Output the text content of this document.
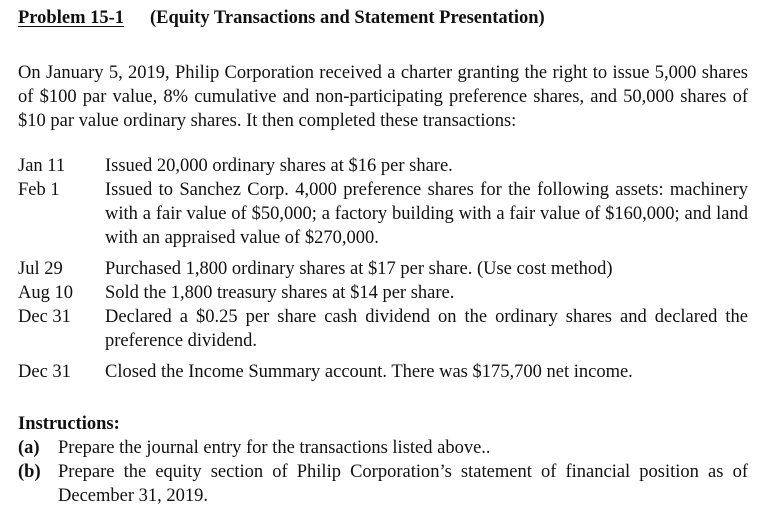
Problem 15-1	(Equity Transactions and Statement Presentation)
On January 5, 2019, Philip Corporation received a charter granting the right to issue 5,000 shares of $100 par value, 8% cumulative and non-participating preference shares, and 50,000 shares of $10 par value ordinary shares. It then completed these transactions:
Jan 11	Issued 20,000 ordinary shares at $16 per share.
Feb 1	Issued to Sanchez Corp. 4,000 preference shares for the following assets: machinery with a fair value of $50,000; a factory building with a fair value of $160,000; and land with an appraised value of $270,000.
Jul 29	Purchased 1,800 ordinary shares at $17 per share. (Use cost method)
Aug 10	Sold the 1,800 treasury shares at $14 per share.
Dec 31	Declared a $0.25 per share cash dividend on the ordinary shares and declared the preference dividend.
Dec 31	Closed the Income Summary account. There was $175,700 net income.
Instructions:
(a) Prepare the journal entry for the transactions listed above..
(b) Prepare the equity section of Philip Corporation’s statement of financial position as of December 31, 2019.
